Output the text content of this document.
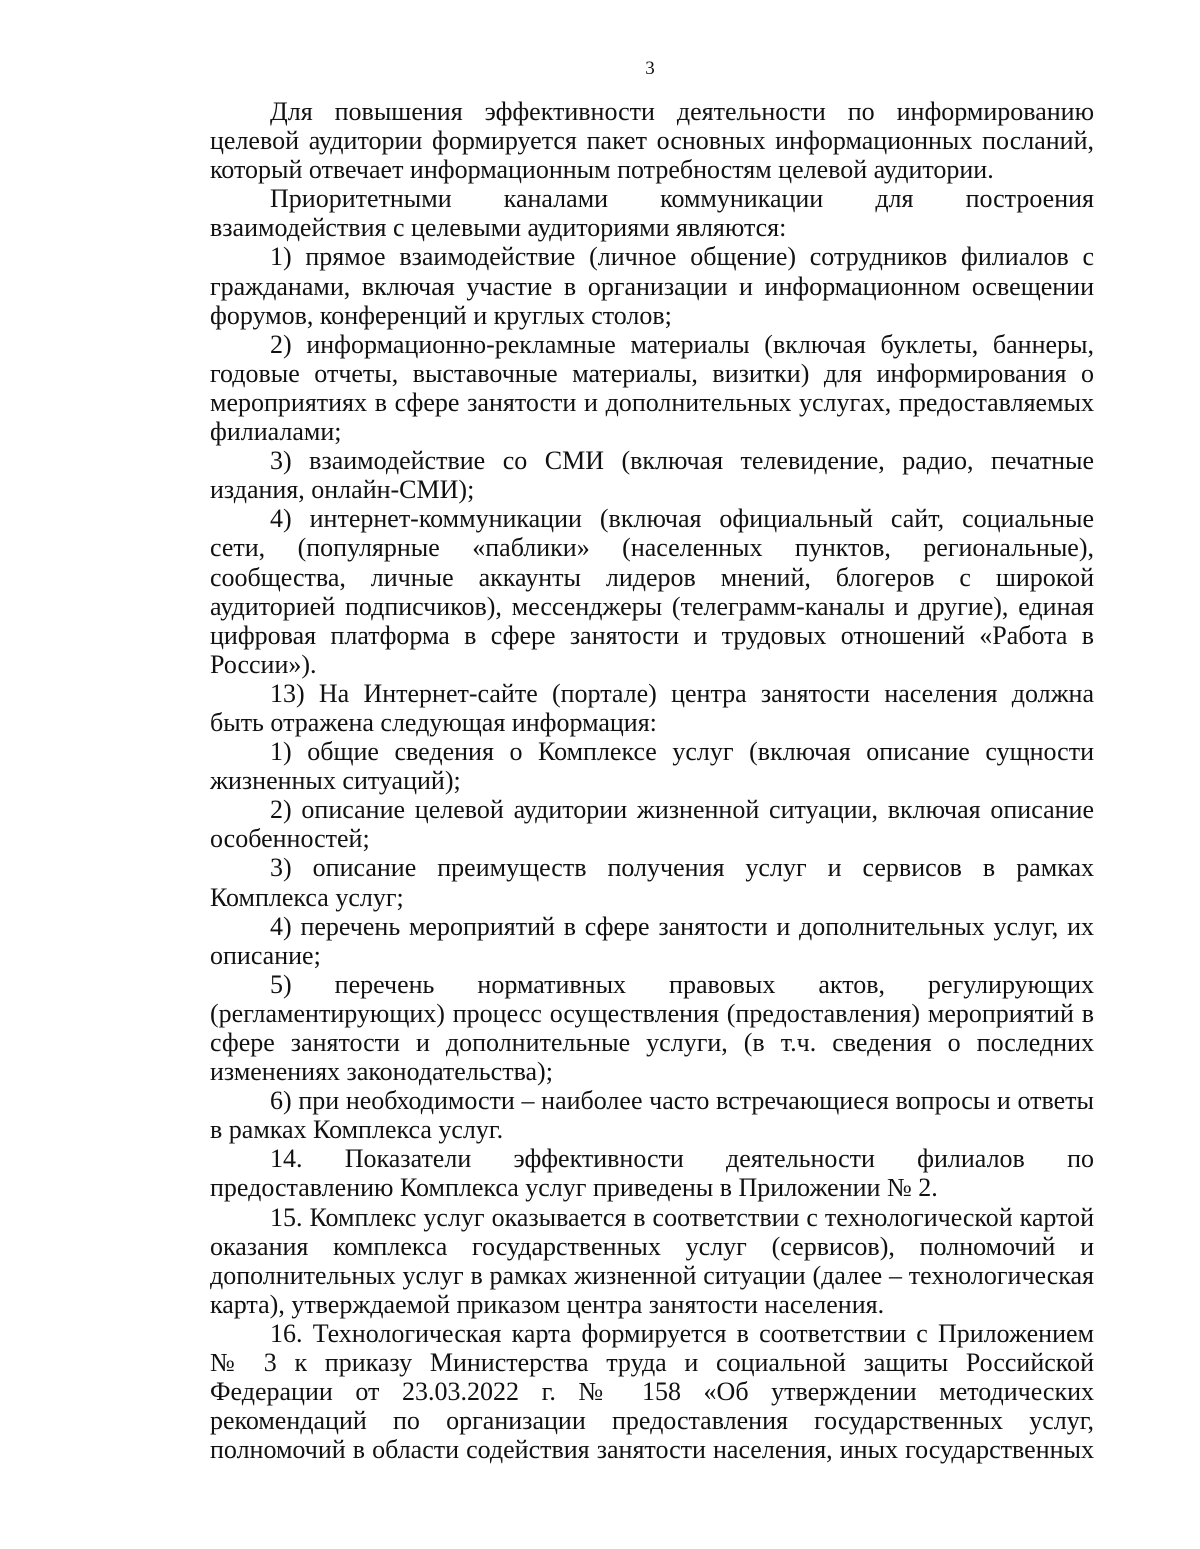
3

Для повышения эффективности деятельности по информированию целевой аудитории формируется пакет основных информационных посланий, который отвечает информационным потребностям целевой аудитории.

Приоритетными каналами коммуникации для построения взаимодействия с целевыми аудиториями являются:

1) прямое взаимодействие (личное общение) сотрудников филиалов с гражданами, включая участие в организации и информационном освещении форумов, конференций и круглых столов;

2) информационно-рекламные материалы (включая буклеты, баннеры, годовые отчеты, выставочные материалы, визитки) для информирования о мероприятиях в сфере занятости и дополнительных услугах, предоставляемых филиалами;

3) взаимодействие со СМИ (включая телевидение, радио, печатные издания, онлайн-СМИ);

4) интернет-коммуникации (включая официальный сайт, социальные сети, (популярные «паблики» (населенных пунктов, региональные), сообщества, личные аккаунты лидеров мнений, блогеров с широкой аудиторией подписчиков), мессенджеры (телеграмм-каналы и другие), единая цифровая платформа в сфере занятости и трудовых отношений «Работа в России»).

13) На Интернет-сайте (портале) центра занятости населения должна быть отражена следующая информация:

1) общие сведения о Комплексе услуг (включая описание сущности жизненных ситуаций);

2) описание целевой аудитории жизненной ситуации, включая описание особенностей;

3) описание преимуществ получения услуг и сервисов в рамках Комплекса услуг;

4) перечень мероприятий в сфере занятости и дополнительных услуг, их описание;

5) перечень нормативных правовых актов, регулирующих (регламентирующих) процесс осуществления (предоставления) мероприятий в сфере занятости и дополнительные услуги, (в т.ч. сведения о последних изменениях законодательства);

6) при необходимости – наиболее часто встречающиеся вопросы и ответы в рамках Комплекса услуг.

14. Показатели эффективности деятельности филиалов по предоставлению Комплекса услуг приведены в Приложении № 2.

15. Комплекс услуг оказывается в соответствии с технологической картой оказания комплекса государственных услуг (сервисов), полномочий и дополнительных услуг в рамках жизненной ситуации (далее – технологическая карта), утверждаемой приказом центра занятости населения.

16. Технологическая карта формируется в соответствии с Приложением № 3 к приказу Министерства труда и социальной защиты Российской Федерации от 23.03.2022 г. № 158 «Об утверждении методических рекомендаций по организации предоставления государственных услуг, полномочий в области содействия занятости населения, иных государственных
